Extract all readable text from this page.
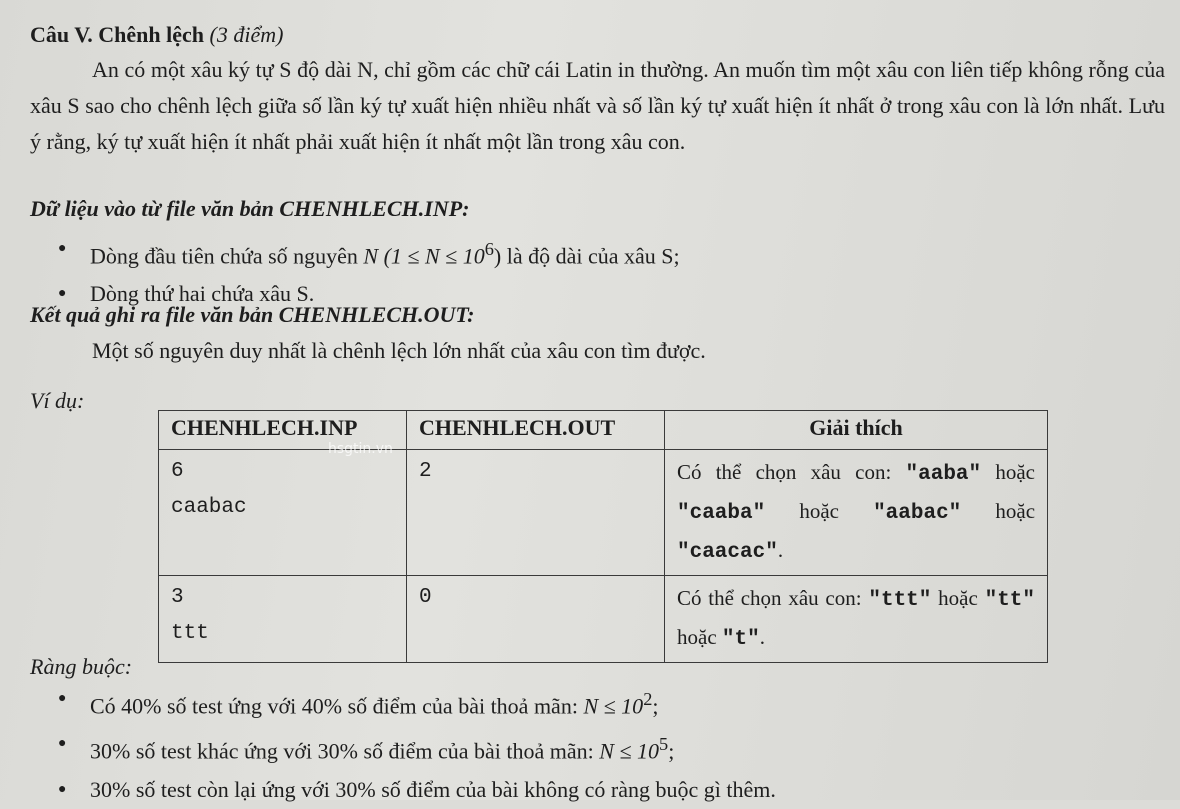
Câu V. Chênh lệch (3 điểm)
An có một xâu ký tự S độ dài N, chỉ gồm các chữ cái Latin in thường. An muốn tìm một xâu con liên tiếp không rỗng của xâu S sao cho chênh lệch giữa số lần ký tự xuất hiện nhiều nhất và số lần ký tự xuất hiện ít nhất ở trong xâu con là lớn nhất. Lưu ý rằng, ký tự xuất hiện ít nhất phải xuất hiện ít nhất một lần trong xâu con.
Dữ liệu vào từ file văn bản CHENHLECH.INP:
● Dòng đầu tiên chứa số nguyên N $(1 \le N \le 10^6)$ là độ dài của xâu S;
● Dòng thứ hai chứa xâu S.
Kết quả ghi ra file văn bản CHENHLECH.OUT:
Một số nguyên duy nhất là chênh lệch lớn nhất của xâu con tìm được.
Ví dụ:
CHENHLECH.INP	CHENHLECH.OUT	Giải thích

6
caabac	2	Có thể chọn xâu con: "aaba" hoặc "caaba" hoặc "aabac" hoặc "caacac".

3
ttt	0	Có thể chọn xâu con: "ttt" hoặc "tt" hoặc "t".
hsgtin.vn
Ràng buộc:
● Có 40% số test ứng với 40% số điểm của bài thoả mãn: $N \le 10^2$;
● 30% số test khác ứng với 30% số điểm của bài thoả mãn: $N \le 10^5$;
● 30% số test còn lại ứng với 30% số điểm của bài không có ràng buộc gì thêm.
